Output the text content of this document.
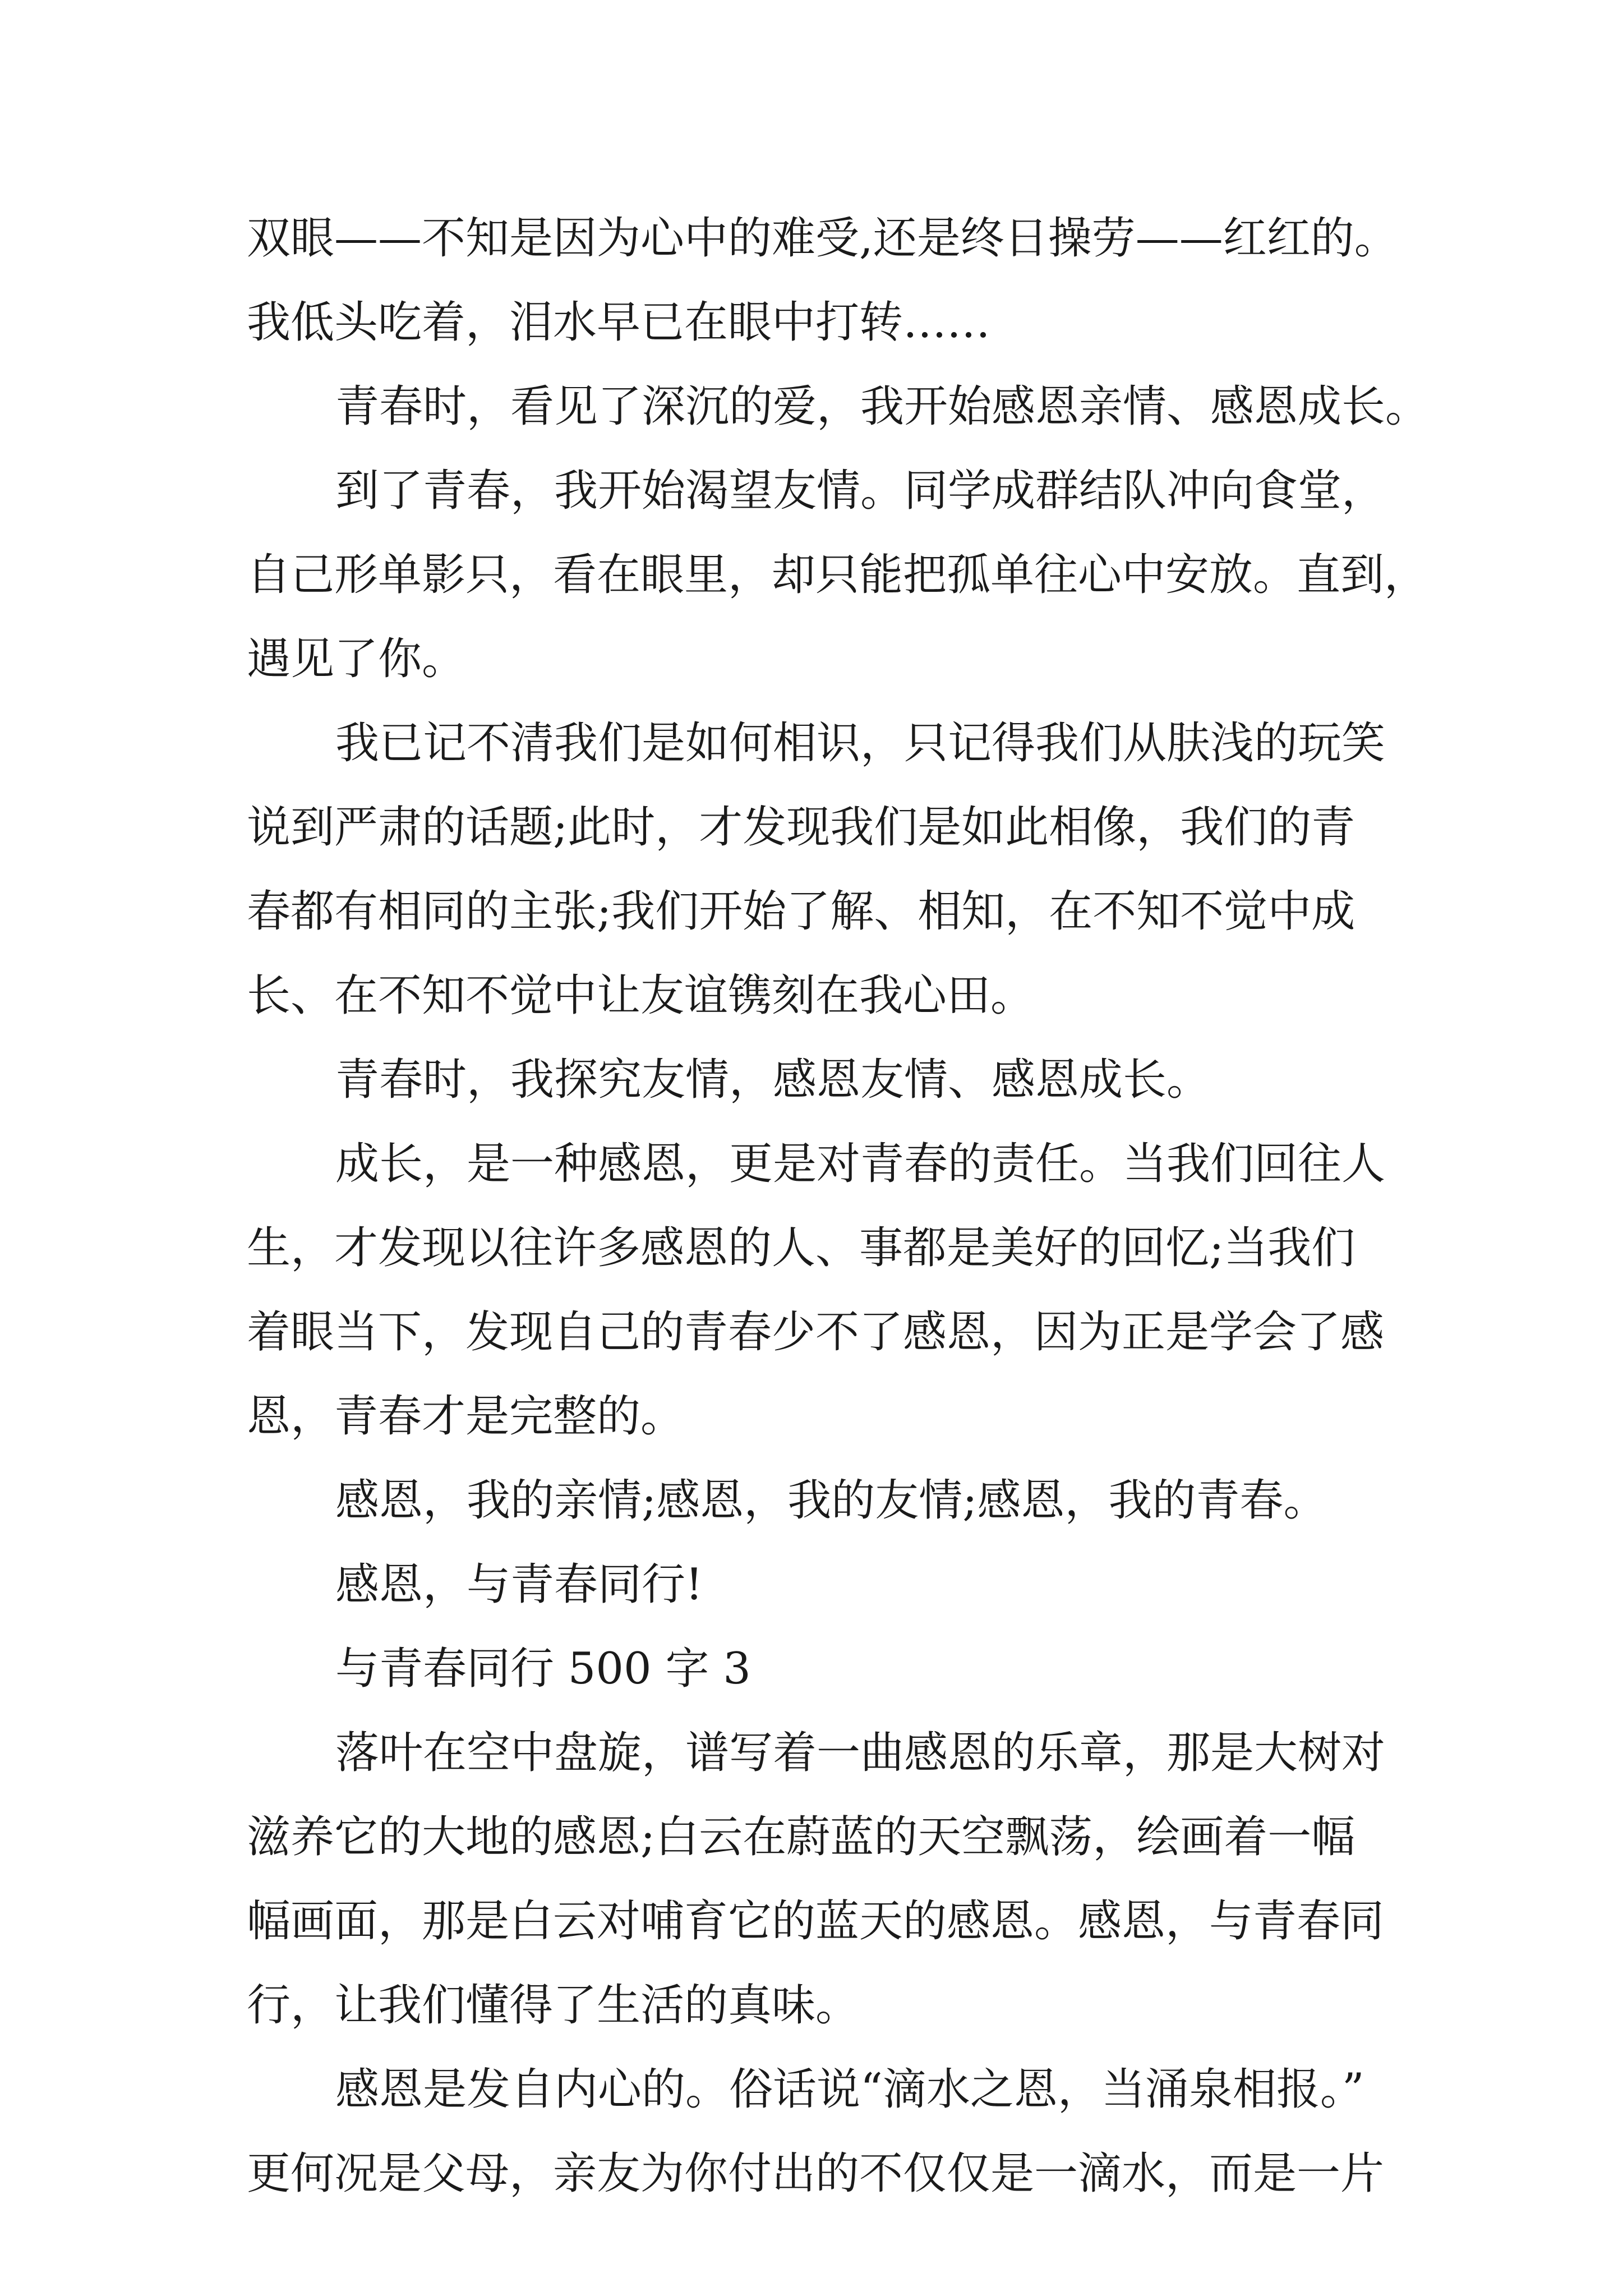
双眼——不知是因为心中的难受,还是终日操劳——红红的。
我低头吃着，泪水早已在眼中打转……
青春时，看见了深沉的爱，我开始感恩亲情、感恩成长。
到了青春，我开始渴望友情。同学成群结队冲向食堂，
自己形单影只，看在眼里，却只能把孤单往心中安放。直到，
遇见了你。
我已记不清我们是如何相识，只记得我们从肤浅的玩笑
说到严肃的话题;此时，才发现我们是如此相像，我们的青
春都有相同的主张;我们开始了解、相知，在不知不觉中成
长、在不知不觉中让友谊镌刻在我心田。
青春时，我探究友情，感恩友情、感恩成长。
成长，是一种感恩，更是对青春的责任。当我们回往人
生，才发现以往许多感恩的人、事都是美好的回忆;当我们
着眼当下，发现自己的青春少不了感恩，因为正是学会了感
恩，青春才是完整的。
感恩，我的亲情;感恩，我的友情;感恩，我的青春。
感恩，与青春同行!
与青春同行 500 字 3
落叶在空中盘旋，谱写着一曲感恩的乐章，那是大树对
滋养它的大地的感恩;白云在蔚蓝的天空飘荡，绘画着一幅
幅画面，那是白云对哺育它的蓝天的感恩。感恩，与青春同
行，让我们懂得了生活的真味。
感恩是发自内心的。俗话说“滴水之恩，当涌泉相报。”
更何况是父母，亲友为你付出的不仅仅是一滴水，而是一片
